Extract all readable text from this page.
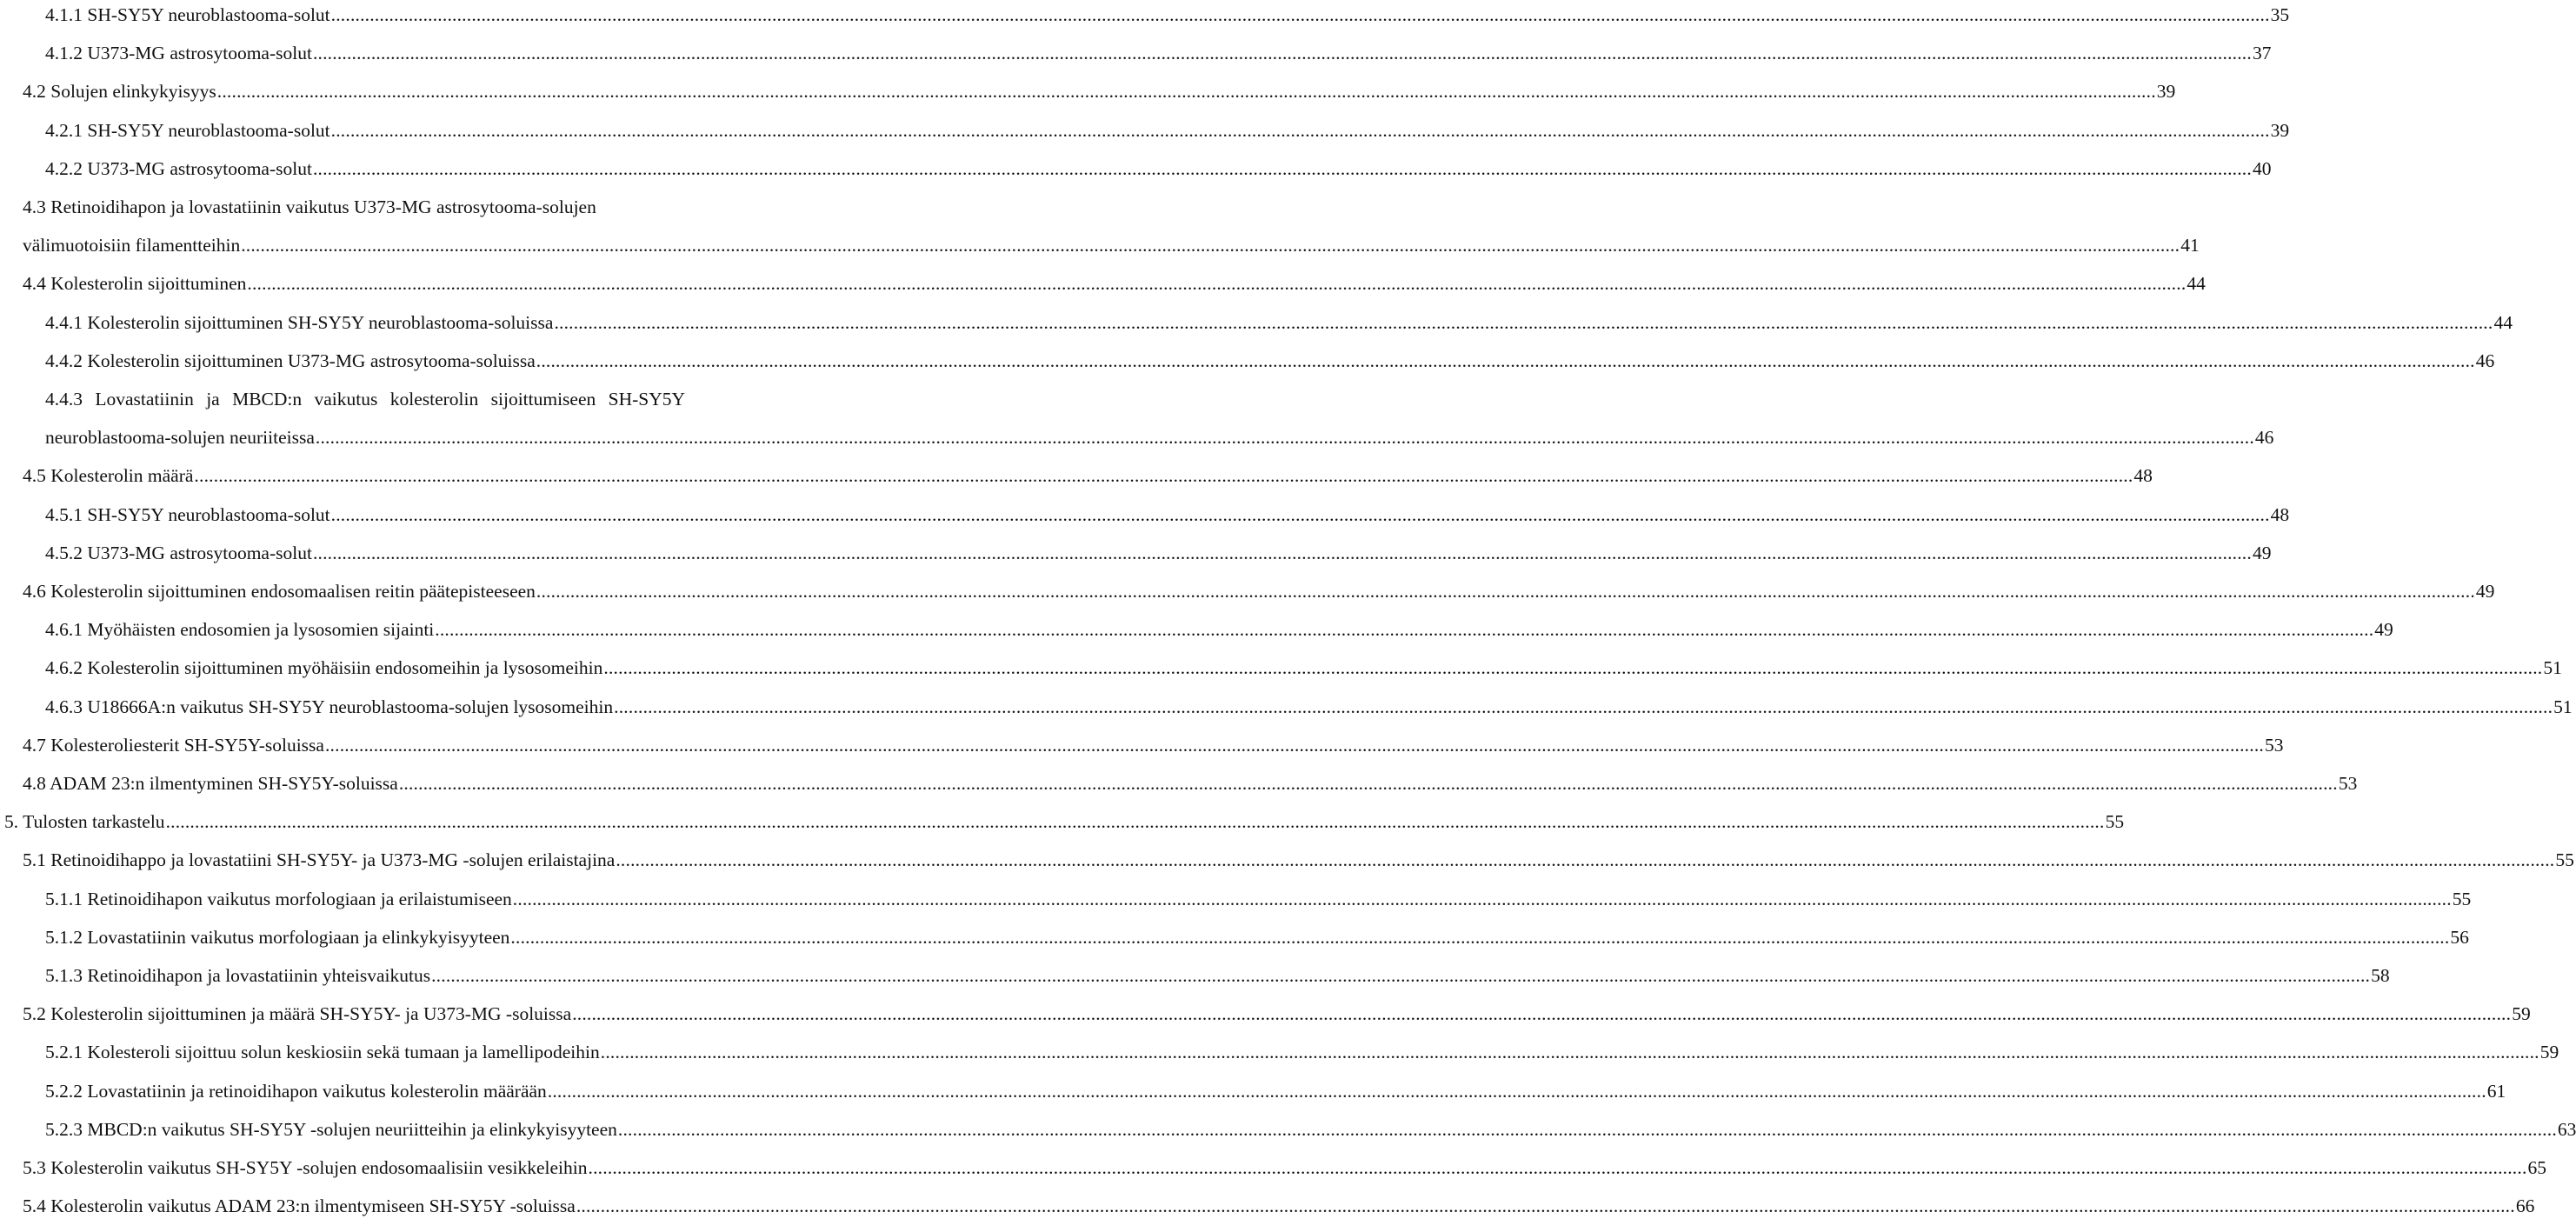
4.1.1 SH-SY5Y neuroblastooma-solut ................................................................................................................................................................................................................................................................................................................................................................................................................ 35
4.1.2 U373-MG astrosytooma-solut ................................................................................................................................................................................................................................................................................................................................................................................................................ 37
4.2 Solujen elinkykyisyys ................................................................................................................................................................................................................................................................................................................................................................................................................ 39
4.2.1 SH-SY5Y neuroblastooma-solut ................................................................................................................................................................................................................................................................................................................................................................................................................ 39
4.2.2 U373-MG astrosytooma-solut ................................................................................................................................................................................................................................................................................................................................................................................................................ 40
4.3 Retinoidihapon ja lovastatiinin vaikutus U373-MG astrosytooma-solujen
välimuotoisiin filamentteihin ................................................................................................................................................................................................................................................................................................................................................................................................................ 41
4.4 Kolesterolin sijoittuminen ................................................................................................................................................................................................................................................................................................................................................................................................................ 44
4.4.1 Kolesterolin sijoittuminen SH-SY5Y neuroblastooma-soluissa ................................................................................................................................................................................................................................................................................................................................................................................................................ 44
4.4.2 Kolesterolin sijoittuminen U373-MG astrosytooma-soluissa ................................................................................................................................................................................................................................................................................................................................................................................................................ 46
4.4.3 Lovastatiinin ja MBCD:n vaikutus kolesterolin sijoittumiseen SH-SY5Y
neuroblastooma-solujen neuriiteissa ................................................................................................................................................................................................................................................................................................................................................................................................................ 46
4.5 Kolesterolin määrä ................................................................................................................................................................................................................................................................................................................................................................................................................ 48
4.5.1 SH-SY5Y neuroblastooma-solut ................................................................................................................................................................................................................................................................................................................................................................................................................ 48
4.5.2 U373-MG astrosytooma-solut ................................................................................................................................................................................................................................................................................................................................................................................................................ 49
4.6 Kolesterolin sijoittuminen endosomaalisen reitin päätepisteeseen ................................................................................................................................................................................................................................................................................................................................................................................................................ 49
4.6.1 Myöhäisten endosomien ja lysosomien sijainti ................................................................................................................................................................................................................................................................................................................................................................................................................ 49
4.6.2 Kolesterolin sijoittuminen myöhäisiin endosomeihin ja lysosomeihin ................................................................................................................................................................................................................................................................................................................................................................................................................ 51
4.6.3 U18666A:n vaikutus SH-SY5Y neuroblastooma-solujen lysosomeihin ................................................................................................................................................................................................................................................................................................................................................................................................................ 51
4.7 Kolesteroliesterit SH-SY5Y-soluissa ................................................................................................................................................................................................................................................................................................................................................................................................................ 53
4.8 ADAM 23:n ilmentyminen SH-SY5Y-soluissa ................................................................................................................................................................................................................................................................................................................................................................................................................ 53
5. Tulosten tarkastelu ................................................................................................................................................................................................................................................................................................................................................................................................................ 55
5.1 Retinoidihappo ja lovastatiini SH-SY5Y- ja U373-MG -solujen erilaistajina ................................................................................................................................................................................................................................................................................................................................................................................................................ 55
5.1.1 Retinoidihapon vaikutus morfologiaan ja erilaistumiseen ................................................................................................................................................................................................................................................................................................................................................................................................................ 55
5.1.2 Lovastatiinin vaikutus morfologiaan ja elinkykyisyyteen ................................................................................................................................................................................................................................................................................................................................................................................................................ 56
5.1.3 Retinoidihapon ja lovastatiinin yhteisvaikutus ................................................................................................................................................................................................................................................................................................................................................................................................................ 58
5.2 Kolesterolin sijoittuminen ja määrä SH-SY5Y- ja U373-MG -soluissa ................................................................................................................................................................................................................................................................................................................................................................................................................ 59
5.2.1 Kolesteroli sijoittuu solun keskiosiin sekä tumaan ja lamellipodeihin ................................................................................................................................................................................................................................................................................................................................................................................................................ 59
5.2.2 Lovastatiinin ja retinoidihapon vaikutus kolesterolin määrään ................................................................................................................................................................................................................................................................................................................................................................................................................ 61
5.2.3 MBCD:n vaikutus SH-SY5Y -solujen neuriitteihin ja elinkykyisyyteen ................................................................................................................................................................................................................................................................................................................................................................................................................ 63
5.3 Kolesterolin vaikutus SH-SY5Y -solujen endosomaalisiin vesikkeleihin ................................................................................................................................................................................................................................................................................................................................................................................................................ 65
5.4 Kolesterolin vaikutus ADAM 23:n ilmentymiseen SH-SY5Y -soluissa ................................................................................................................................................................................................................................................................................................................................................................................................................ 66
